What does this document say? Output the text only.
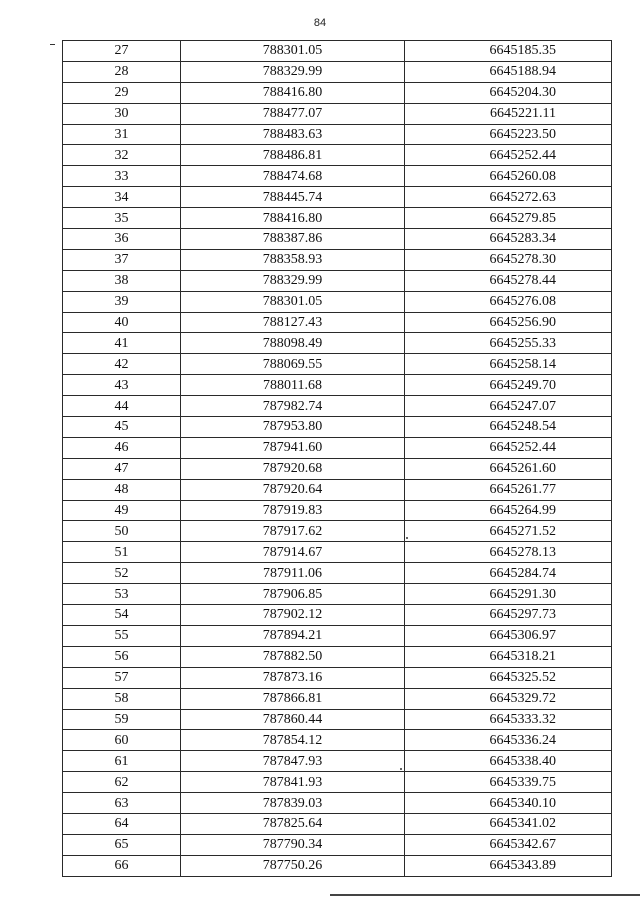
84
27	788301.05	6645185.35
28	788329.99	6645188.94
29	788416.80	6645204.30
30	788477.07	6645221.11
31	788483.63	6645223.50
32	788486.81	6645252.44
33	788474.68	6645260.08
34	788445.74	6645272.63
35	788416.80	6645279.85
36	788387.86	6645283.34
37	788358.93	6645278.30
38	788329.99	6645278.44
39	788301.05	6645276.08
40	788127.43	6645256.90
41	788098.49	6645255.33
42	788069.55	6645258.14
43	788011.68	6645249.70
44	787982.74	6645247.07
45	787953.80	6645248.54
46	787941.60	6645252.44
47	787920.68	6645261.60
48	787920.64	6645261.77
49	787919.83	6645264.99
50	787917.62	6645271.52
51	787914.67	6645278.13
52	787911.06	6645284.74
53	787906.85	6645291.30
54	787902.12	6645297.73
55	787894.21	6645306.97
56	787882.50	6645318.21
57	787873.16	6645325.52
58	787866.81	6645329.72
59	787860.44	6645333.32
60	787854.12	6645336.24
61	787847.93	6645338.40
62	787841.93	6645339.75
63	787839.03	6645340.10
64	787825.64	6645341.02
65	787790.34	6645342.67
66	787750.26	6645343.89
